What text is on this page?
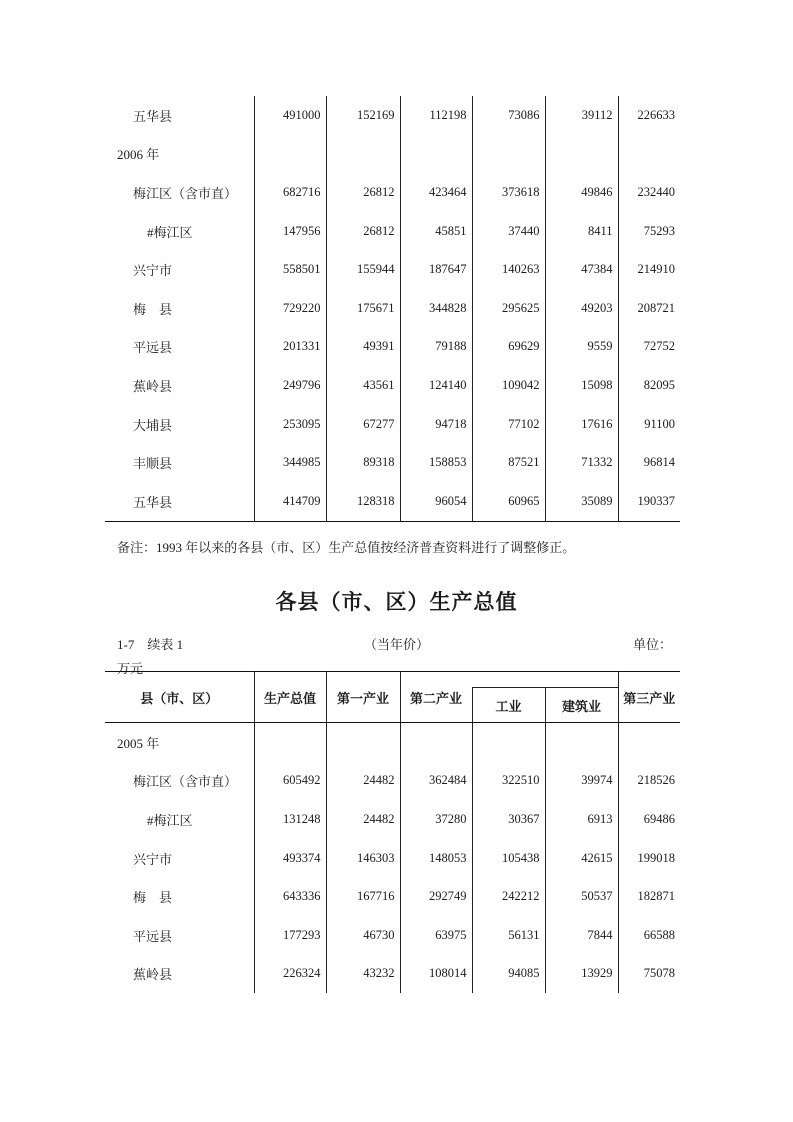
五华县	491000	152169	112198	73086	39112	226633
2006 年						
梅江区（含市直）	682716	26812	423464	373618	49846	232440
#梅江区	147956	26812	45851	37440	8411	75293
兴宁市	558501	155944	187647	140263	47384	214910
梅　县	729220	175671	344828	295625	49203	208721
平远县	201331	49391	79188	69629	9559	72752
蕉岭县	249796	43561	124140	109042	15098	82095
大埔县	253095	67277	94718	77102	17616	91100
丰顺县	344985	89318	158853	87521	71332	96814
五华县	414709	128318	96054	60965	35089	190337
备注：1993 年以来的各县（市、区）生产总值按经济普查资料进行了调整修正。
各县（市、区）生产总值
1-7　续表 1	（当年价）	单位：
万元
县（市、区）	生产总值	第一产业	第二产业			第三产业
				工业	建筑业	
2005 年						
梅江区（含市直）	605492	24482	362484	322510	39974	218526
#梅江区	131248	24482	37280	30367	6913	69486
兴宁市	493374	146303	148053	105438	42615	199018
梅　县	643336	167716	292749	242212	50537	182871
平远县	177293	46730	63975	56131	7844	66588
蕉岭县	226324	43232	108014	94085	13929	75078
